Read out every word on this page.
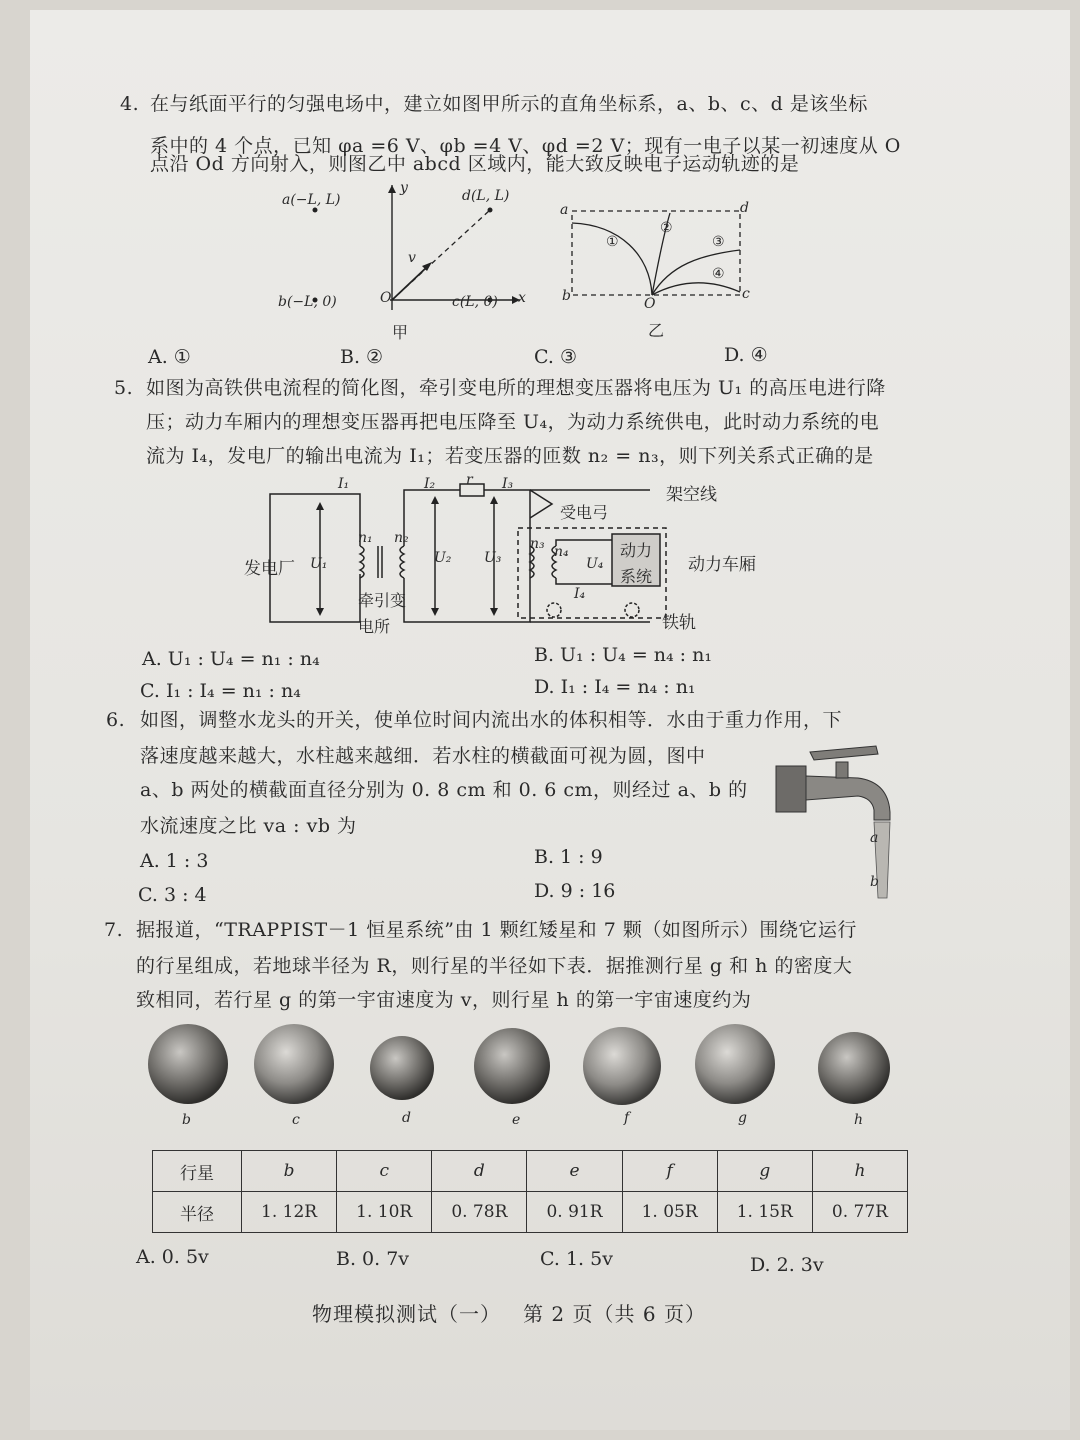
4. 在与纸面平行的匀强电场中，建立如图甲所示的直角坐标系，a、b、c、d 是该坐标
系中的 4 个点，已知 φa =6 V、φb =4 V、φd =2 V；现有一电子以某一初速度从 O
点沿 Od 方向射入，则图乙中 abcd 区域内，能大致反映电子运动轨迹的是
a(−L, L)	d(L, L)
b(−L, 0)	c(L, 0) x
y
O
v
甲
a	d
b	c
O
①
②
③
④
乙
A. ①	B. ②	C. ③	D. ④
5. 如图为高铁供电流程的简化图，牵引变电所的理想变压器将电压为 U₁ 的高压电进行降
压；动力车厢内的理想变压器再把电压降至 U₄，为动力系统供电，此时动力系统的电
流为 I₄，发电厂的输出电流为 I₁；若变压器的匝数 n₂ = n₃，则下列关系式正确的是
I₁	I₂ r I₃
I₄
U₁	U₂ U₃	U₄
n₁ n₂	n₃ n₄
发电厂
牵引变
电所
架空线
受电弓
动力
系统
动力车厢
铁轨
A. U₁ : U₄ = n₁ : n₄	B. U₁ : U₄ = n₄ : n₁
C. I₁ : I₄ = n₁ : n₄	D. I₁ : I₄ = n₄ : n₁
6. 如图，调整水龙头的开关，使单位时间内流出水的体积相等．水由于重力作用，下
落速度越来越大，水柱越来越细．若水柱的横截面可视为圆，图中
a、b 两处的横截面直径分别为 0. 8 cm 和 0. 6 cm，则经过 a、b 的
水流速度之比 va : vb 为
a
b
A. 1 : 3	B. 1 : 9
C. 3 : 4	D. 9 : 16
7. 据报道，“TRAPPIST－1 恒星系统”由 1 颗红矮星和 7 颗（如图所示）围绕它运行
的行星组成，若地球半径为 R，则行星的半径如下表．据推测行星 g 和 h 的密度大
致相同，若行星 g 的第一宇宙速度为 v，则行星 h 的第一宇宙速度约为
b	c	d	e	f	g	h
行星	b	c	d	e	f	g	h
半径	1. 12R	1. 10R	0. 78R	0. 91R	1. 05R	1. 15R	0. 77R
A. 0. 5v	B. 0. 7v	C. 1. 5v	D. 2. 3v
物理模拟测试（一）   第 2 页（共 6 页）
